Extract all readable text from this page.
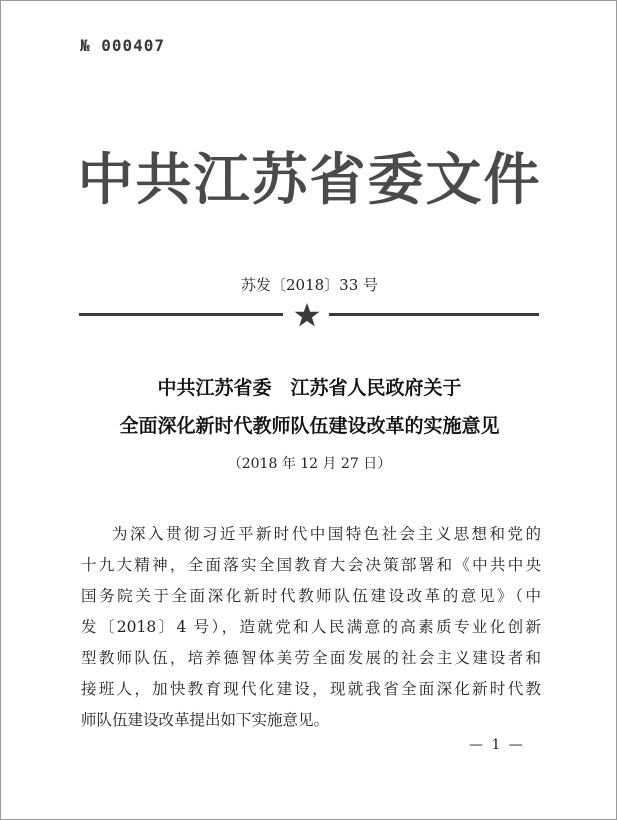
№ 000407
中共江苏省委文件
苏发〔2018〕33 号
中共江苏省委　江苏省人民政府关于
全面深化新时代教师队伍建设改革的实施意见
（2018 年 12 月 27 日）
为深入贯彻习近平新时代中国特色社会主义思想和党的
十九大精神，全面落实全国教育大会决策部署和《中共中央
国务院关于全面深化新时代教师队伍建设改革的意见》（中
发〔2018〕4 号），造就党和人民满意的高素质专业化创新
型教师队伍，培养德智体美劳全面发展的社会主义建设者和
接班人，加快教育现代化建设，现就我省全面深化新时代教
师队伍建设改革提出如下实施意见。
— 1 —
